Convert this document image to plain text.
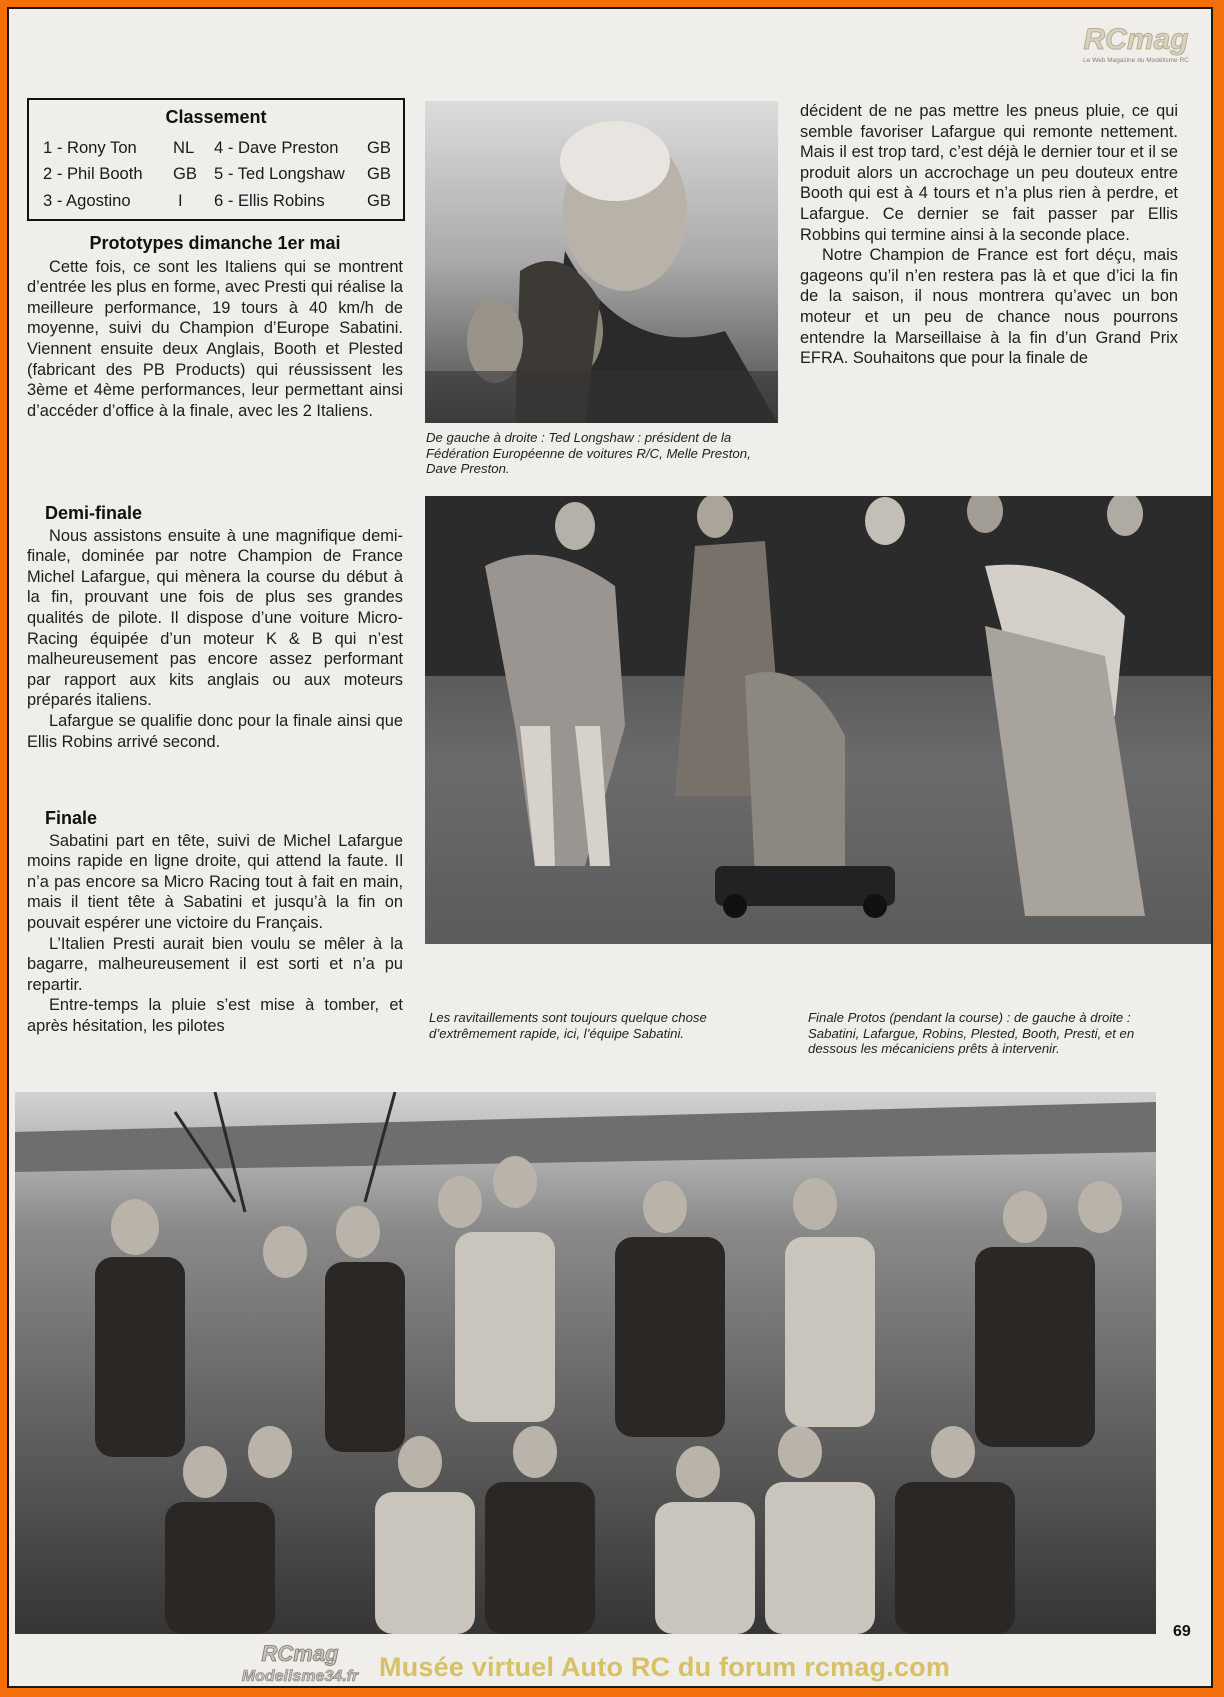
RCmag
Le Web Magazine du Modélisme RC
Classement
1 - Rony Ton NL 4 - Dave Preston GB
2 - Phil Booth GB 5 - Ted Longshaw GB
3 - Agostino	I 6 - Ellis Robins	GB
Prototypes dimanche 1er mai

Cette fois, ce sont les Italiens qui se montrent d’entrée les plus en forme, avec Presti qui réalise la meilleure performance, 19 tours à 40 km/h de moyenne, suivi du Champion d’Europe Sabatini. Viennent ensuite deux Anglais, Booth et Plested (fabricant des PB Products) qui réussissent les 3ème et 4ème performances, leur permettant ainsi d’accéder d’office à la finale, avec les 2 Italiens.

Demi-finale

Nous assistons ensuite à une magnifique demi-finale, dominée par notre Champion de France Michel Lafargue, qui mènera la course du début à la fin, prouvant une fois de plus ses grandes qualités de pilote. Il dispose d’une voiture Micro-Racing équipée d’un moteur K & B qui n’est malheureusement pas encore assez performant par rapport aux kits anglais ou aux moteurs préparés italiens.

Lafargue se qualifie donc pour la finale ainsi que Ellis Robins arrivé second.

Finale

Sabatini part en tête, suivi de Michel Lafargue moins rapide en ligne droite, qui attend la faute. Il n’a pas encore sa Micro Racing tout à fait en main, mais il tient tête à Sabatini et jusqu’à la fin on pouvait espérer une victoire du Français.

L’Italien Presti aurait bien voulu se mêler à la bagarre, malheureusement il est sorti et n’a pu repartir.

Entre-temps la pluie s’est mise à tomber, et après hésitation, les pilotes

décident de ne pas mettre les pneus pluie, ce qui semble favoriser Lafargue qui remonte nettement. Mais il est trop tard, c’est déjà le dernier tour et il se produit alors un accrochage un peu douteux entre Booth qui est à 4 tours et n’a plus rien à perdre, et Lafargue. Ce dernier se fait passer par Ellis Robbins qui termine ainsi à la seconde place.

Notre Champion de France est fort déçu, mais gageons qu’il n’en restera pas là et que d’ici la fin de la saison, il nous montrera qu’avec un bon moteur et un peu de chance nous pourrons entendre la Marseillaise à la fin d’un Grand Prix EFRA. Souhaitons que pour la finale de

De gauche à droite : Ted Longshaw : président de la Fédération Européenne de voitures R/C, Melle Preston, Dave Preston.
Les ravitaillements sont toujours quelque chose d’extrêmement rapide, ici, l’équipe Sabatini.
Finale Protos (pendant la course) : de gauche à droite : Sabatini, Lafargue, Robins, Plested, Booth, Presti, et en dessous les mécaniciens prêts à intervenir.
69
RCmag
Modelisme34.fr Musée virtuel Auto RC du forum rcmag.com
